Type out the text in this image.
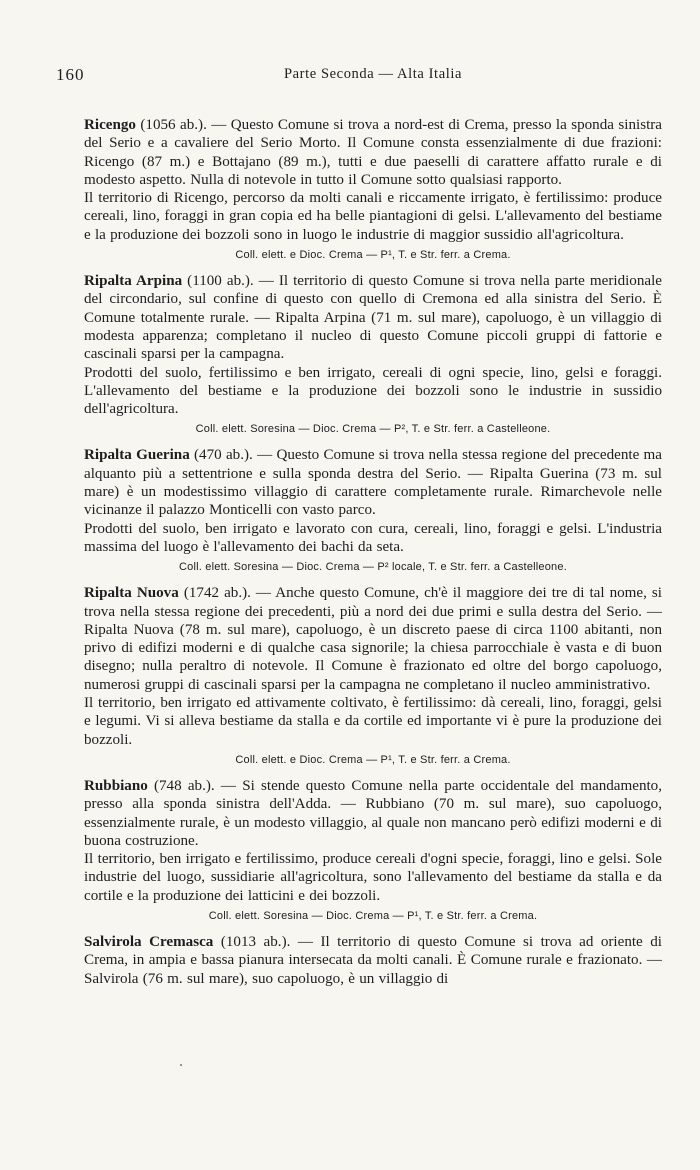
160	Parte Seconda — Alta Italia

Ricengo (1056 ab.). — Questo Comune si trova a nord-est di Crema, presso la sponda sinistra del Serio e a cavaliere del Serio Morto. Il Comune consta essenzialmente di due frazioni: Ricengo (87 m.) e Bottajano (89 m.), tutti e due paeselli di carattere affatto rurale e di modesto aspetto. Nulla di notevole in tutto il Comune sotto qualsiasi rapporto.

Il territorio di Ricengo, percorso da molti canali e riccamente irrigato, è fertilissimo: produce cereali, lino, foraggi in gran copia ed ha belle piantagioni di gelsi. L'allevamento del bestiame e la produzione dei bozzoli sono in luogo le industrie di maggior sussidio all'agricoltura.

Coll. elett. e Dioc. Crema — P¹, T. e Str. ferr. a Crema.

Ripalta Arpina (1100 ab.). — Il territorio di questo Comune si trova nella parte meridionale del circondario, sul confine di questo con quello di Cremona ed alla sinistra del Serio. È Comune totalmente rurale. — Ripalta Arpina (71 m. sul mare), capoluogo, è un villaggio di modesta apparenza; completano il nucleo di questo Comune piccoli gruppi di fattorie e cascinali sparsi per la campagna.

Prodotti del suolo, fertilissimo e ben irrigato, cereali di ogni specie, lino, gelsi e foraggi. L'allevamento del bestiame e la produzione dei bozzoli sono le industrie in sussidio dell'agricoltura.

Coll. elett. Soresina — Dioc. Crema — P², T. e Str. ferr. a Castelleone.

Ripalta Guerina (470 ab.). — Questo Comune si trova nella stessa regione del precedente ma alquanto più a settentrione e sulla sponda destra del Serio. — Ripalta Guerina (73 m. sul mare) è un modestissimo villaggio di carattere completamente rurale. Rimarchevole nelle vicinanze il palazzo Monticelli con vasto parco.

Prodotti del suolo, ben irrigato e lavorato con cura, cereali, lino, foraggi e gelsi. L'industria massima del luogo è l'allevamento dei bachi da seta.

Coll. elett. Soresina — Dioc. Crema — P² locale, T. e Str. ferr. a Castelleone.

Ripalta Nuova (1742 ab.). — Anche questo Comune, ch'è il maggiore dei tre di tal nome, si trova nella stessa regione dei precedenti, più a nord dei due primi e sulla destra del Serio. — Ripalta Nuova (78 m. sul mare), capoluogo, è un discreto paese di circa 1100 abitanti, non privo di edifizi moderni e di qualche casa signorile; la chiesa parrocchiale è vasta e di buon disegno; nulla peraltro di notevole. Il Comune è frazionato ed oltre del borgo capoluogo, numerosi gruppi di cascinali sparsi per la campagna ne completano il nucleo amministrativo.

Il territorio, ben irrigato ed attivamente coltivato, è fertilissimo: dà cereali, lino, foraggi, gelsi e legumi. Vi si alleva bestiame da stalla e da cortile ed importante vi è pure la produzione dei bozzoli.

Coll. elett. e Dioc. Crema — P¹, T. e Str. ferr. a Crema.

Rubbiano (748 ab.). — Si stende questo Comune nella parte occidentale del mandamento, presso alla sponda sinistra dell'Adda. — Rubbiano (70 m. sul mare), suo capoluogo, essenzialmente rurale, è un modesto villaggio, al quale non mancano però edifizi moderni e di buona costruzione.

Il territorio, ben irrigato e fertilissimo, produce cereali d'ogni specie, foraggi, lino e gelsi. Sole industrie del luogo, sussidiarie all'agricoltura, sono l'allevamento del bestiame da stalla e da cortile e la produzione dei latticini e dei bozzoli.

Coll. elett. Soresina — Dioc. Crema — P¹, T. e Str. ferr. a Crema.

Salvirola Cremasca (1013 ab.). — Il territorio di questo Comune si trova ad oriente di Crema, in ampia e bassa pianura intersecata da molti canali. È Comune rurale e frazionato. — Salvirola (76 m. sul mare), suo capoluogo, è un villaggio di
